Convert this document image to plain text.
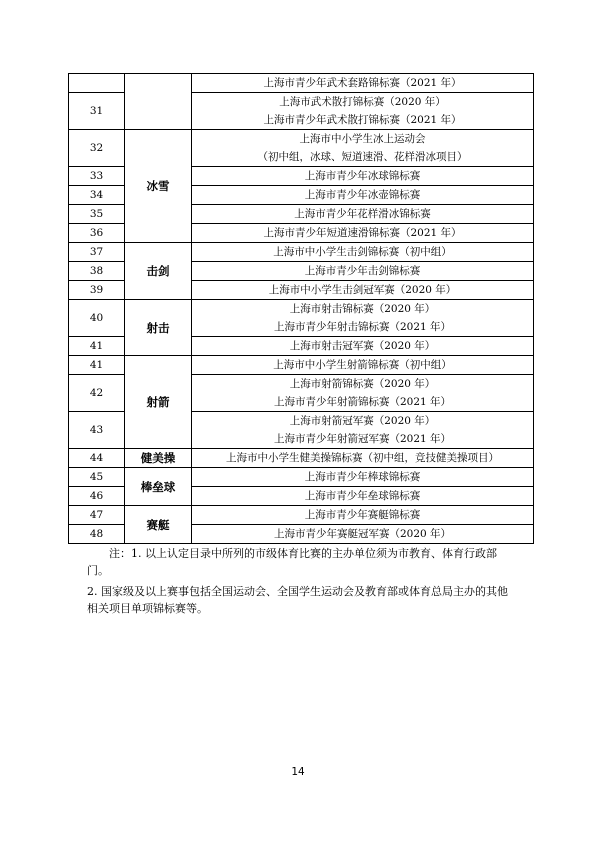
		上海市青少年武术套路锦标赛（2021 年）

31		上海市武术散打锦标赛（2020 年）
上海市青少年武术散打锦标赛（2021 年）

32	冰雪	上海市中小学生冰上运动会
（初中组，冰球、短道速滑、花样滑冰项目）

33		上海市青少年冰球锦标赛

34		上海市青少年冰壶锦标赛

35		上海市青少年花样滑冰锦标赛

36		上海市青少年短道速滑锦标赛（2021 年）

37	击剑	上海市中小学生击剑锦标赛（初中组）

38		上海市青少年击剑锦标赛

39		上海市中小学生击剑冠军赛（2020 年）

40	射击	上海市射击锦标赛（2020 年）
上海市青少年射击锦标赛（2021 年）

41		上海市射击冠军赛（2020 年）

41	射箭	上海市中小学生射箭锦标赛（初中组）

42		上海市射箭锦标赛（2020 年）
上海市青少年射箭锦标赛（2021 年）

43		上海市射箭冠军赛（2020 年）
上海市青少年射箭冠军赛（2021 年）

44	健美操	上海市中小学生健美操锦标赛（初中组，竞技健美操项目）

45	棒垒球	上海市青少年棒球锦标赛

46		上海市青少年垒球锦标赛

47	赛艇	上海市青少年赛艇锦标赛

48		上海市青少年赛艇冠军赛（2020 年）

注：1. 以上认定目录中所列的市级体育比赛的主办单位须为市教育、体育行政部门。

2. 国家级及以上赛事包括全国运动会、全国学生运动会及教育部或体育总局主办的其他相关项目单项锦标赛等。

14
